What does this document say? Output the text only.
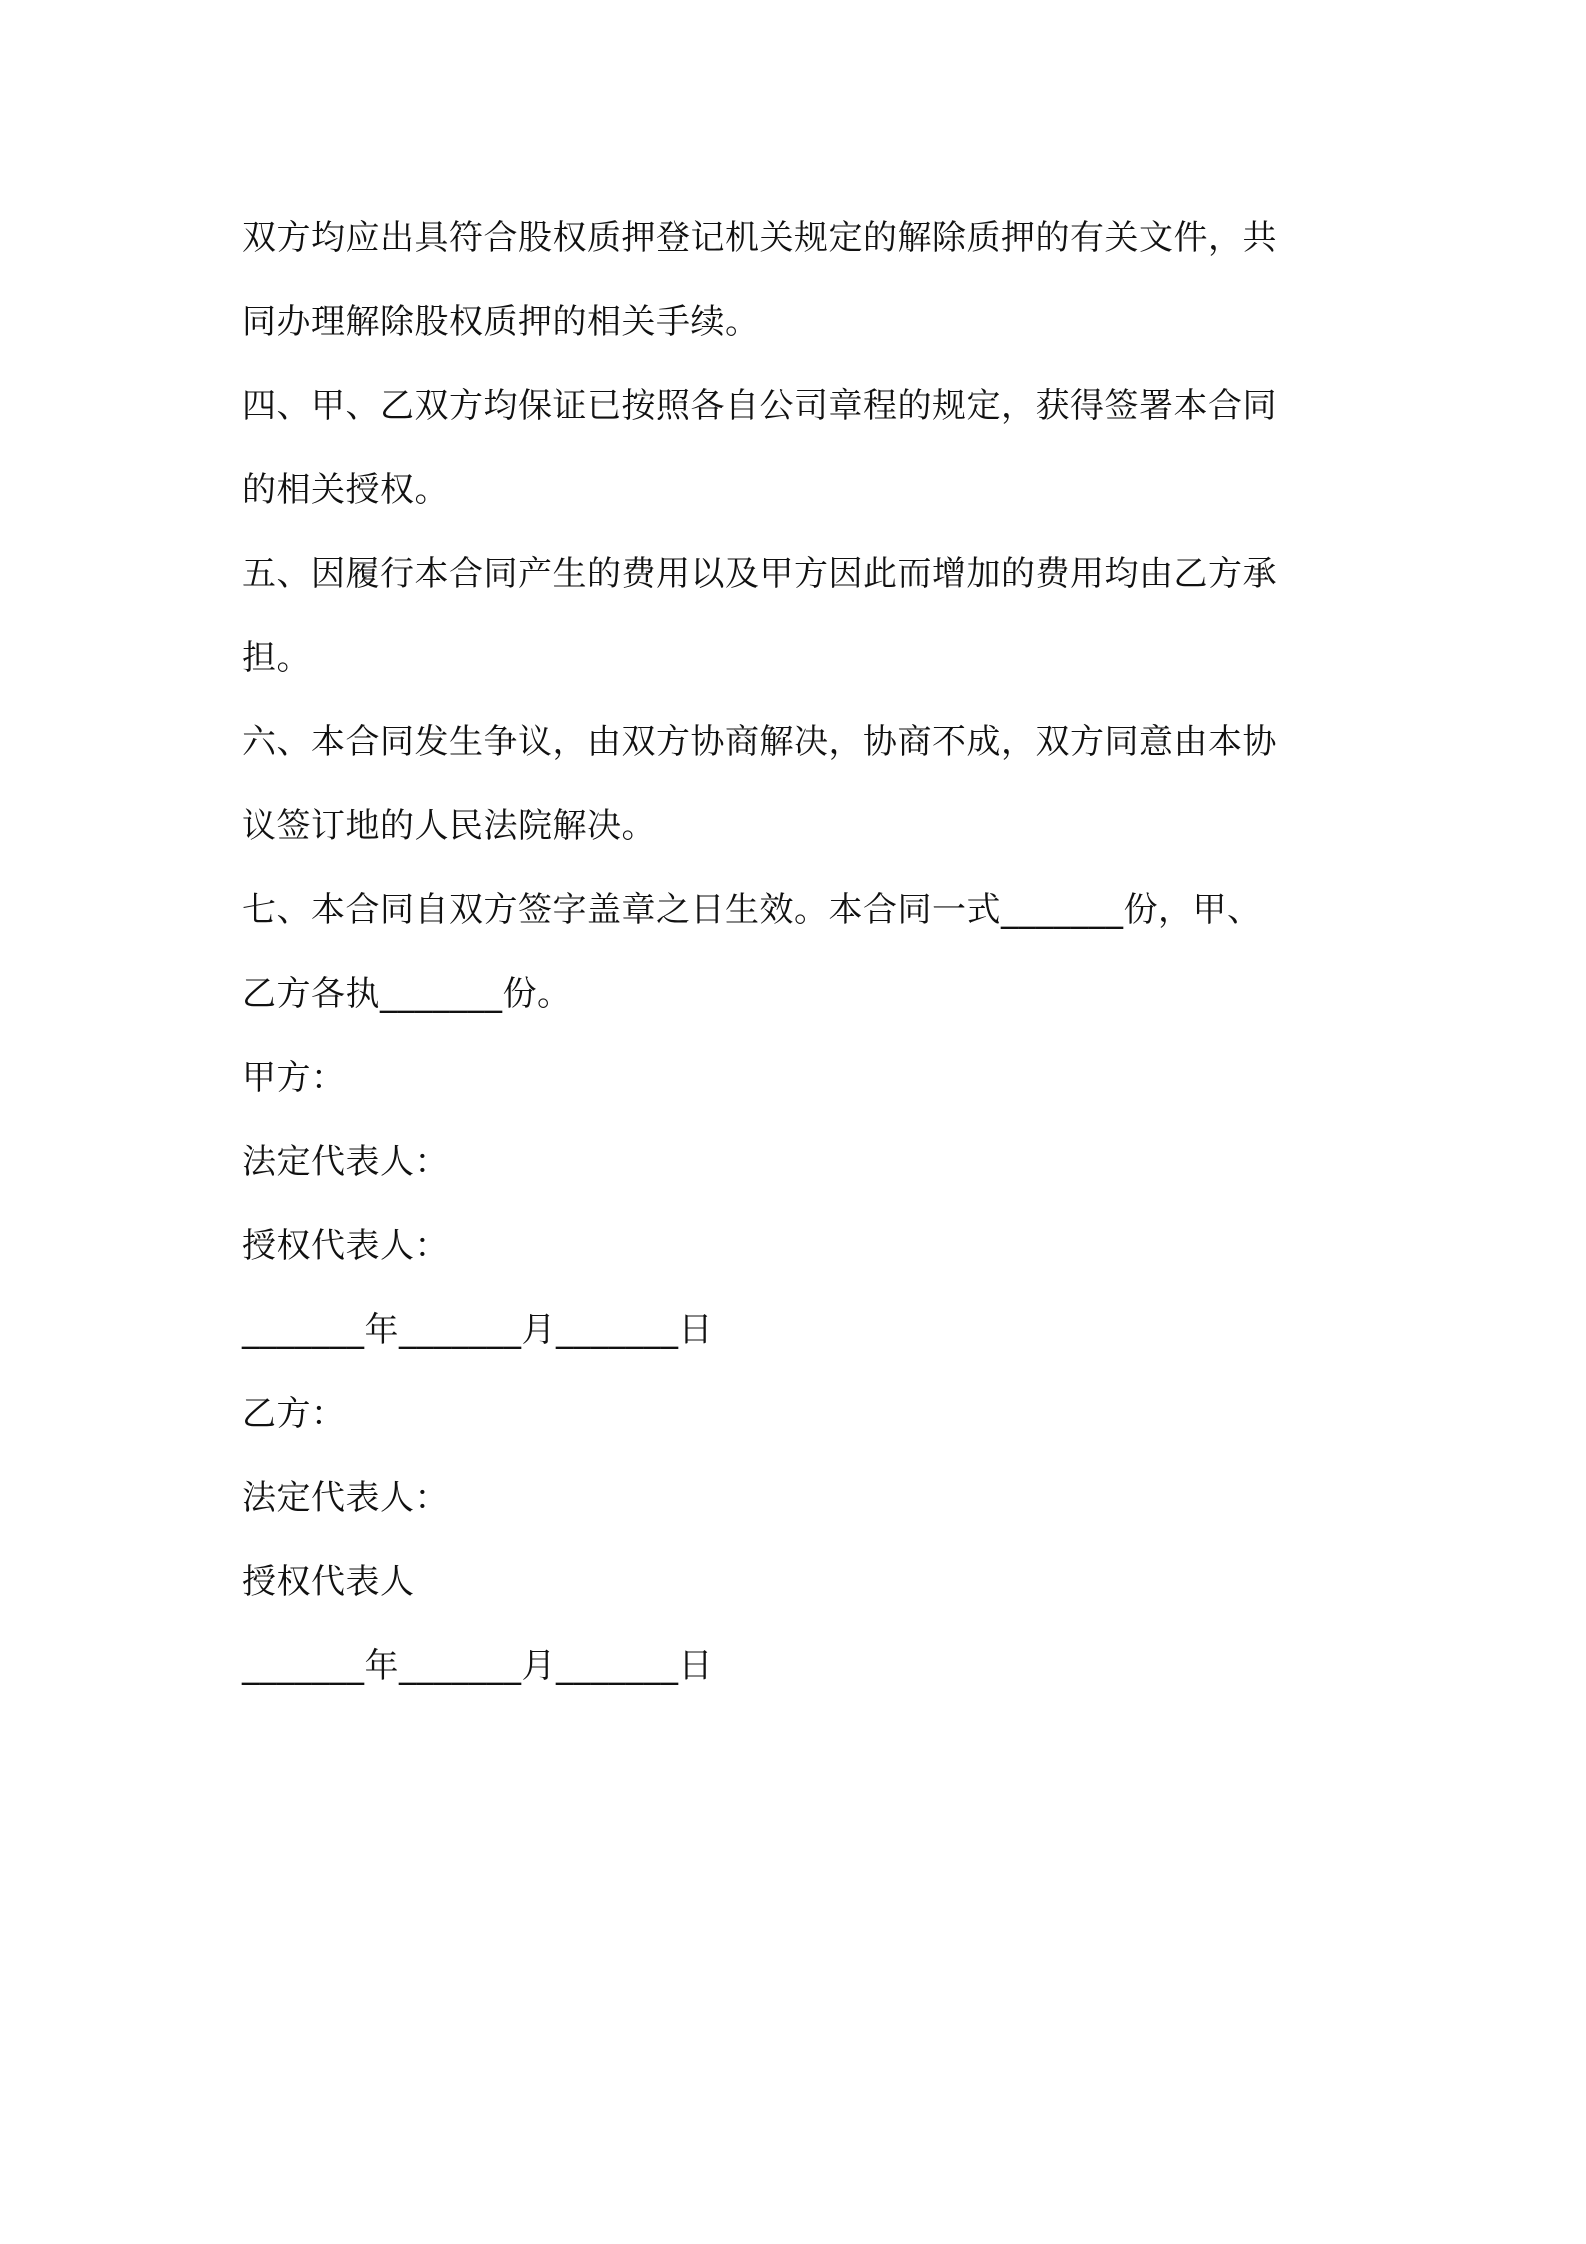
双方均应出具符合股权质押登记机关规定的解除质押的有关文件，共
同办理解除股权质押的相关手续。
四、甲、乙双方均保证已按照各自公司章程的规定，获得签署本合同
的相关授权。
五、因履行本合同产生的费用以及甲方因此而增加的费用均由乙方承
担。
六、本合同发生争议，由双方协商解决，协商不成，双方同意由本协
议签订地的人民法院解决。
七、本合同自双方签字盖章之日生效。本合同一式_______份，甲、
乙方各执_______份。
甲方：
法定代表人：
授权代表人：
_______年_______月_______日
乙方：
法定代表人：
授权代表人
_______年_______月_______日
